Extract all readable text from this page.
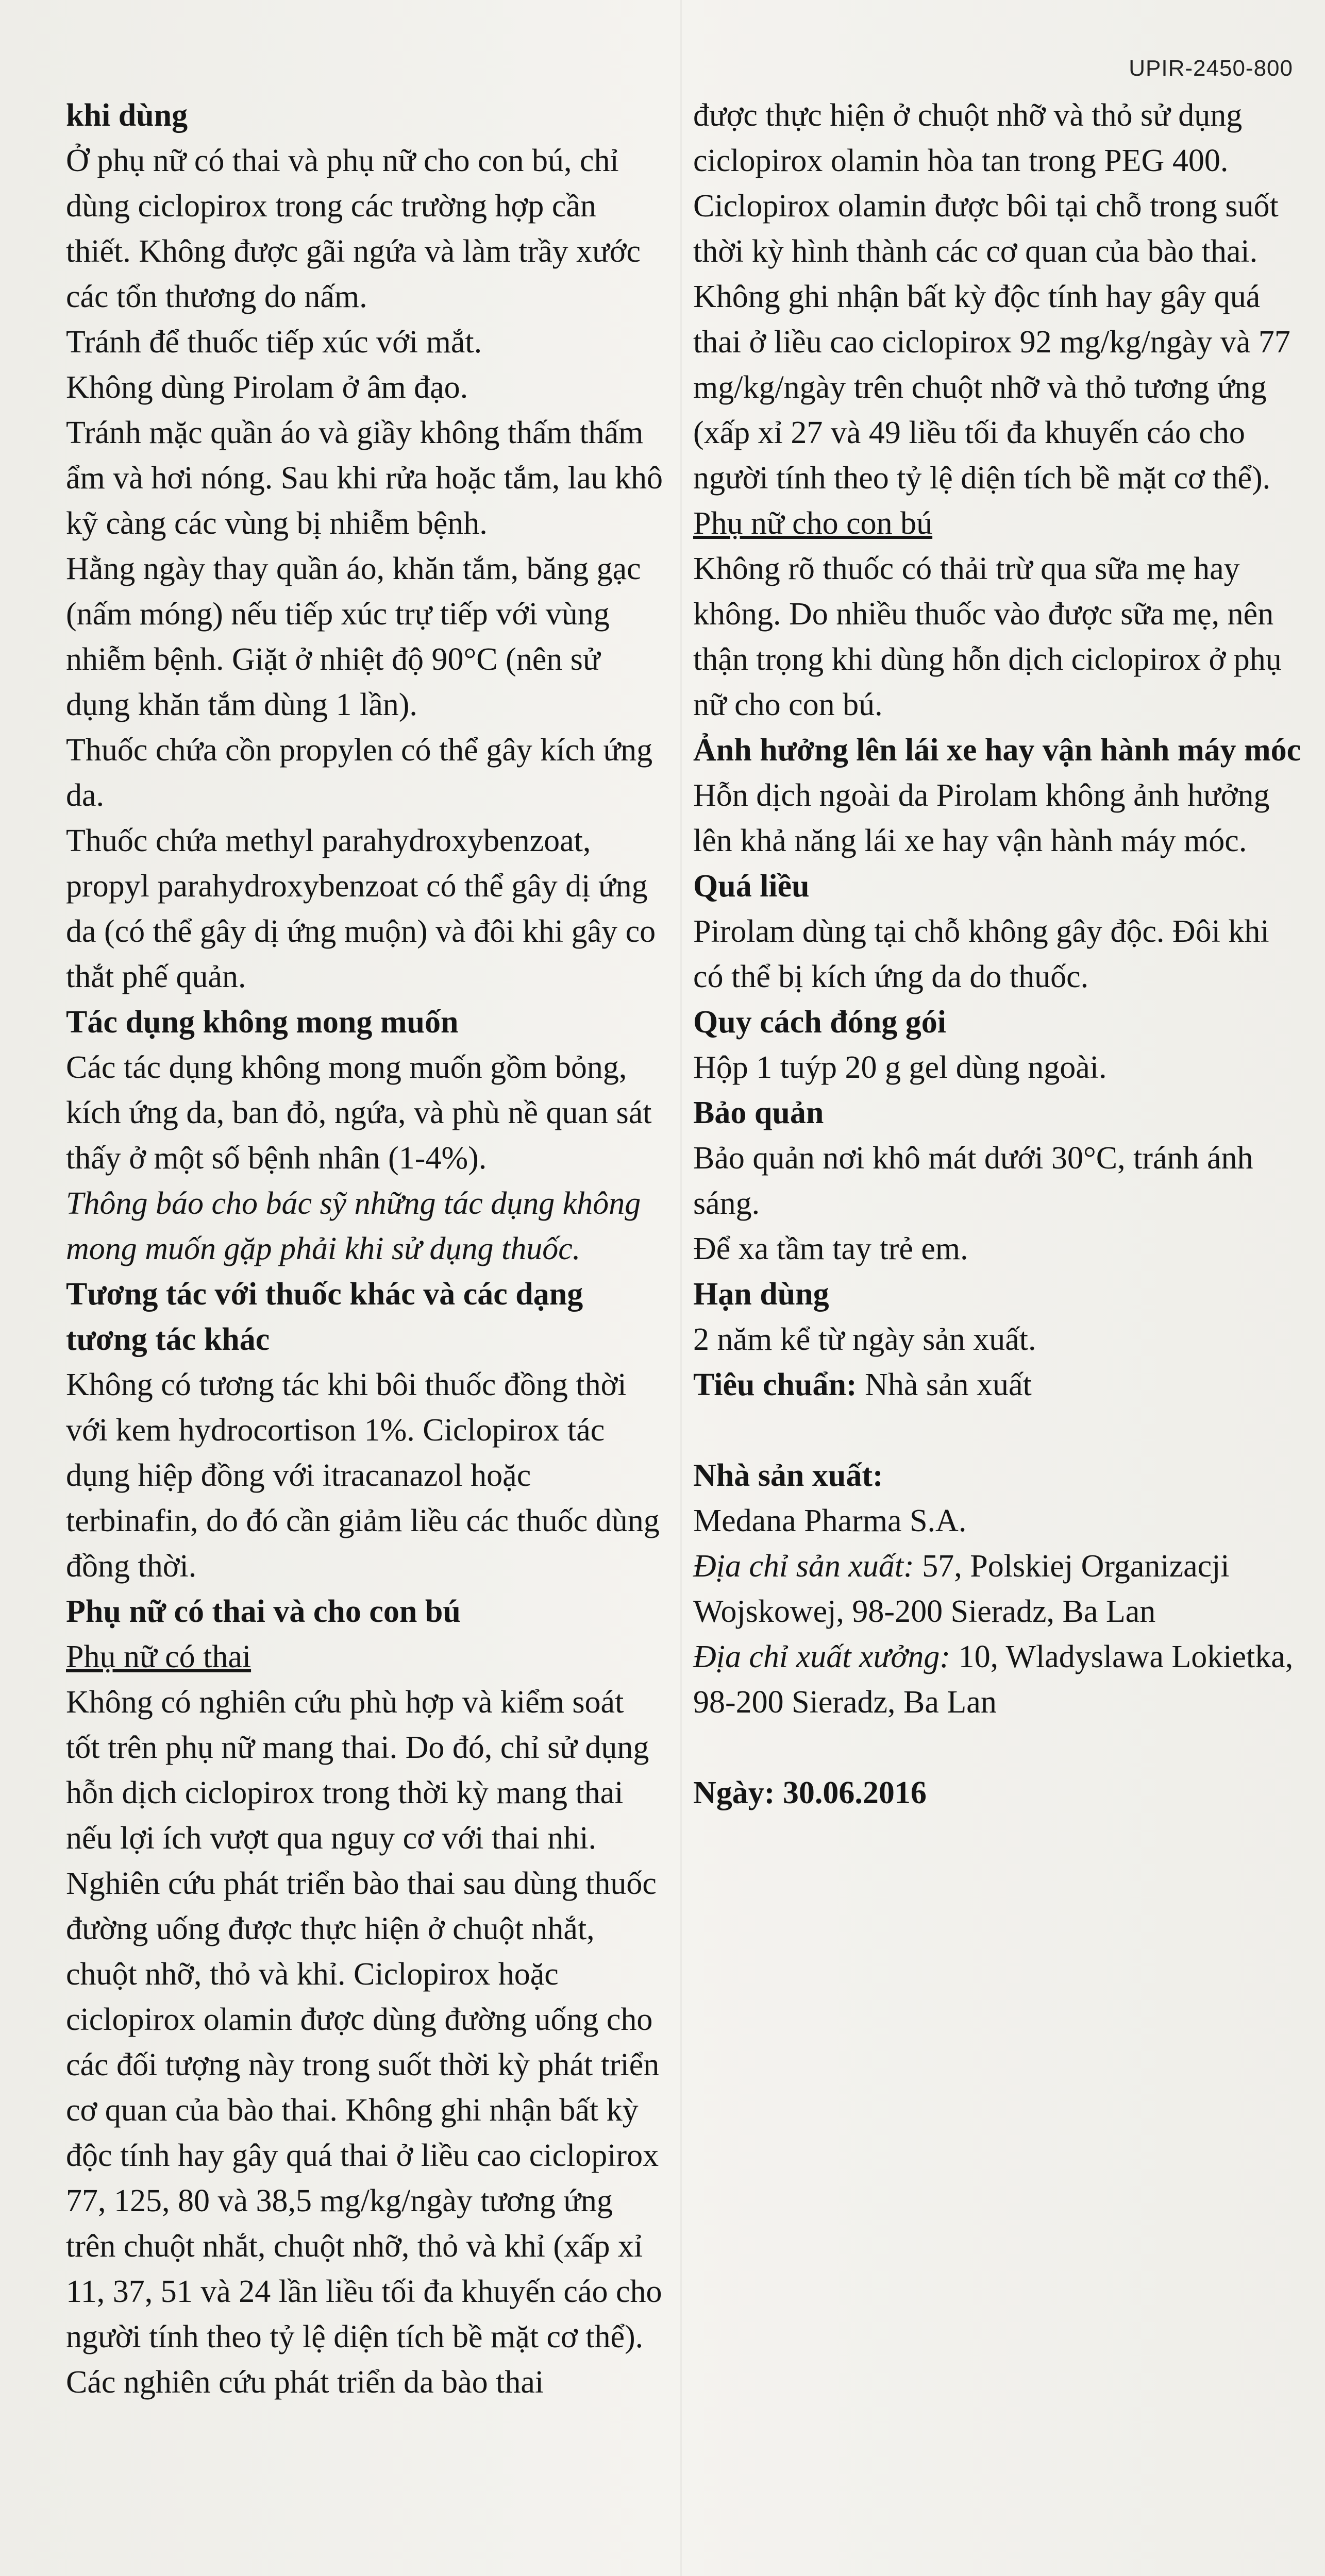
UPIR-2450-800
khi dùng

Ở phụ nữ có thai và phụ nữ cho con bú, chỉ dùng ciclopirox trong các trường hợp cần thiết. Không được gãi ngứa và làm trầy xước các tổn thương do nấm.

Tránh để thuốc tiếp xúc với mắt.

Không dùng Pirolam ở âm đạo.

Tránh mặc quần áo và giầy không thấm thấm ẩm và hơi nóng. Sau khi rửa hoặc tắm, lau khô kỹ càng các vùng bị nhiễm bệnh.

Hằng ngày thay quần áo, khăn tắm, băng gạc (nấm móng) nếu tiếp xúc trự tiếp với vùng nhiễm bệnh. Giặt ở nhiệt độ 90°C (nên sử dụng khăn tắm dùng 1 lần).

Thuốc chứa cồn propylen có thể gây kích ứng da.

Thuốc chứa methyl parahydroxybenzoat, propyl parahydroxybenzoat có thể gây dị ứng da (có thể gây dị ứng muộn) và đôi khi gây co thắt phế quản.

Tác dụng không mong muốn

Các tác dụng không mong muốn gồm bỏng, kích ứng da, ban đỏ, ngứa, và phù nề quan sát thấy ở một số bệnh nhân (1-4%).

Thông báo cho bác sỹ những tác dụng không mong muốn gặp phải khi sử dụng thuốc.

Tương tác với thuốc khác và các dạng tương tác khác

Không có tương tác khi bôi thuốc đồng thời với kem hydrocortison 1%. Ciclopirox tác dụng hiệp đồng với itracanazol hoặc terbinafin, do đó cần giảm liều các thuốc dùng đồng thời.

Phụ nữ có thai và cho con bú

Phụ nữ có thai

Không có nghiên cứu phù hợp và kiểm soát tốt trên phụ nữ mang thai. Do đó, chỉ sử dụng hỗn dịch ciclopirox trong thời kỳ mang thai nếu lợi ích vượt qua nguy cơ với thai nhi.

Nghiên cứu phát triển bào thai sau dùng thuốc đường uống được thực hiện ở chuột nhắt, chuột nhỡ, thỏ và khỉ. Ciclopirox hoặc ciclopirox olamin được dùng đường uống cho các đối tượng này trong suốt thời kỳ phát triển cơ quan của bào thai. Không ghi nhận bất kỳ độc tính hay gây quá thai ở liều cao ciclopirox 77, 125, 80 và 38,5 mg/kg/ngày tương ứng trên chuột nhắt, chuột nhỡ, thỏ và khỉ (xấp xỉ 11, 37, 51 và 24 lần liều tối đa khuyến cáo cho người tính theo tỷ lệ diện tích bề mặt cơ thể).

Các nghiên cứu phát triển da bào thai

được thực hiện ở chuột nhỡ và thỏ sử dụng ciclopirox olamin hòa tan trong PEG 400. Ciclopirox olamin được bôi tại chỗ trong suốt thời kỳ hình thành các cơ quan của bào thai. Không ghi nhận bất kỳ độc tính hay gây quá thai ở liều cao ciclopirox 92 mg/kg/ngày và 77 mg/kg/ngày trên chuột nhỡ và thỏ tương ứng (xấp xỉ 27 và 49 liều tối đa khuyến cáo cho người tính theo tỷ lệ diện tích bề mặt cơ thể).

Phụ nữ cho con bú

Không rõ thuốc có thải trừ qua sữa mẹ hay không. Do nhiều thuốc vào được sữa mẹ, nên thận trọng khi dùng hỗn dịch ciclopirox ở phụ nữ cho con bú.

Ảnh hưởng lên lái xe hay vận hành máy móc

Hỗn dịch ngoài da Pirolam không ảnh hưởng lên khả năng lái xe hay vận hành máy móc.

Quá liều

Pirolam dùng tại chỗ không gây độc. Đôi khi có thể bị kích ứng da do thuốc.

Quy cách đóng gói

Hộp 1 tuýp 20 g gel dùng ngoài.

Bảo quản

Bảo quản nơi khô mát dưới 30°C, tránh ánh sáng.

Để xa tầm tay trẻ em.

Hạn dùng

2 năm kể từ ngày sản xuất.

Tiêu chuẩn: Nhà sản xuất

Nhà sản xuất:

Medana Pharma S.A.

Địa chỉ sản xuất: 57, Polskiej Organizacji Wojskowej, 98-200 Sieradz, Ba Lan

Địa chỉ xuất xưởng: 10, Wladyslawa Lokietka, 98-200 Sieradz, Ba Lan

Ngày: 30.06.2016
